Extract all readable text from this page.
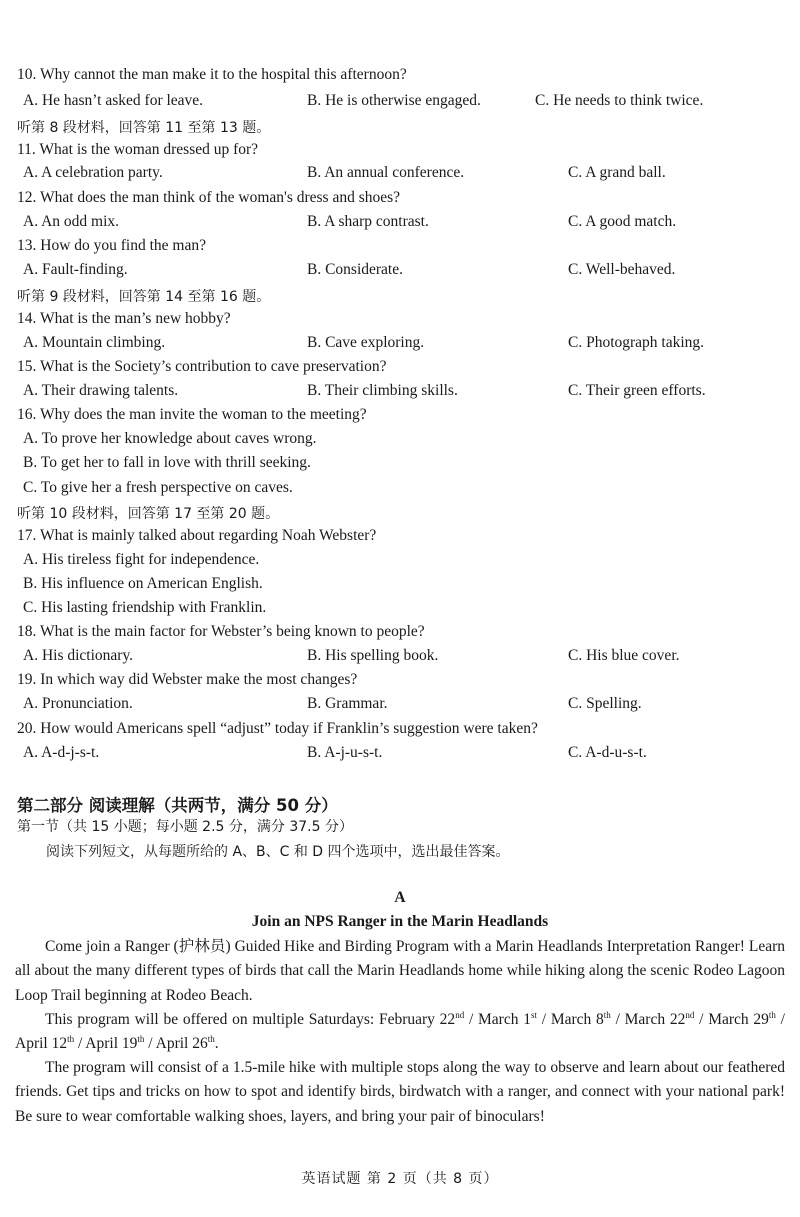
10. Why cannot the man make it to the hospital this afternoon?
A. He hasn’t asked for leave.	B. He is otherwise engaged.	C. He needs to think twice.
听第 8 段材料，回答第 11 至第 13 题。
11. What is the woman dressed up for?
A. A celebration party.	B. An annual conference.	C. A grand ball.
12. What does the man think of the woman's dress and shoes?
A. An odd mix.	B. A sharp contrast.	C. A good match.
13. How do you find the man?
A. Fault-finding.	B. Considerate.	C. Well-behaved.
听第 9 段材料，回答第 14 至第 16 题。
14. What is the man’s new hobby?
A. Mountain climbing.	B. Cave exploring.	C. Photograph taking.
15. What is the Society’s contribution to cave preservation?
A. Their drawing talents.	B. Their climbing skills.	C. Their green efforts.
16. Why does the man invite the woman to the meeting?
A. To prove her knowledge about caves wrong.
B. To get her to fall in love with thrill seeking.
C. To give her a fresh perspective on caves.
听第 10 段材料，回答第 17 至第 20 题。
17. What is mainly talked about regarding Noah Webster?
A. His tireless fight for independence.
B. His influence on American English.
C. His lasting friendship with Franklin.
18. What is the main factor for Webster’s being known to people?
A. His dictionary.	B. His spelling book.	C. His blue cover.
19. In which way did Webster make the most changes?
A. Pronunciation.	B. Grammar.	C. Spelling.
20. How would Americans spell “adjust” today if Franklin’s suggestion were taken?
A. A-d-j-s-t.	B. A-j-u-s-t.	C. A-d-u-s-t.
第二部分 阅读理解（共两节，满分 50 分）
第一节（共 15 小题；每小题 2.5 分，满分 37.5 分）
阅读下列短文，从每题所给的 A、B、C 和 D 四个选项中，选出最佳答案。
A
Join an NPS Ranger in the Marin Headlands
Come join a Ranger (护林员) Guided Hike and Birding Program with a Marin Headlands Interpretation Ranger! Learn all about the many different types of birds that call the Marin Headlands home while hiking along the scenic Rodeo Lagoon Loop Trail beginning at Rodeo Beach.
This program will be offered on multiple Saturdays: February 22nd / March 1st / March 8th / March 22nd / March 29th / April 12th / April 19th / April 26th.
The program will consist of a 1.5-mile hike with multiple stops along the way to observe and learn about our feathered friends. Get tips and tricks on how to spot and identify birds, birdwatch with a ranger, and connect with your national park! Be sure to wear comfortable walking shoes, layers, and bring your pair of binoculars!
英语试题 第 2 页（共 8 页）
